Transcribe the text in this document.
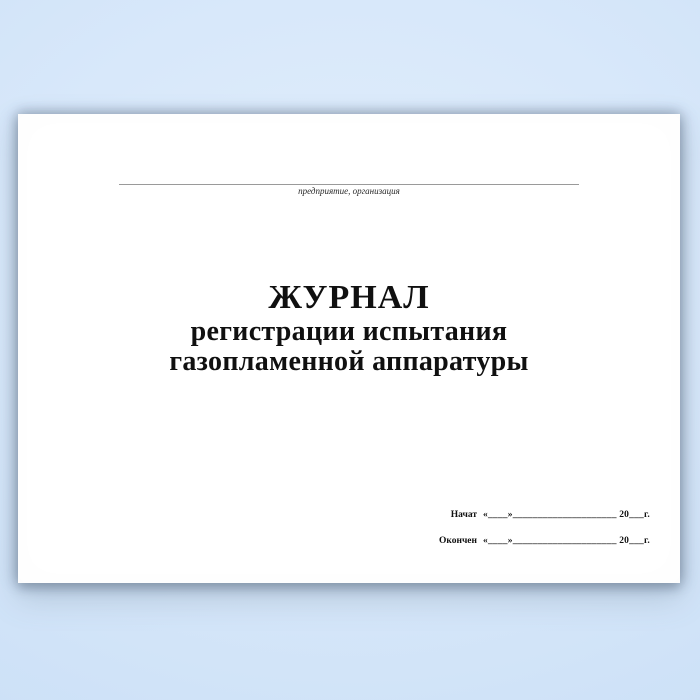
предприятие, организация
ЖУРНАЛ
регистрации испытания
газопламенной аппаратуры
Начат «____»_____________________ 20___г.
Окончен «____»_____________________ 20___г.
